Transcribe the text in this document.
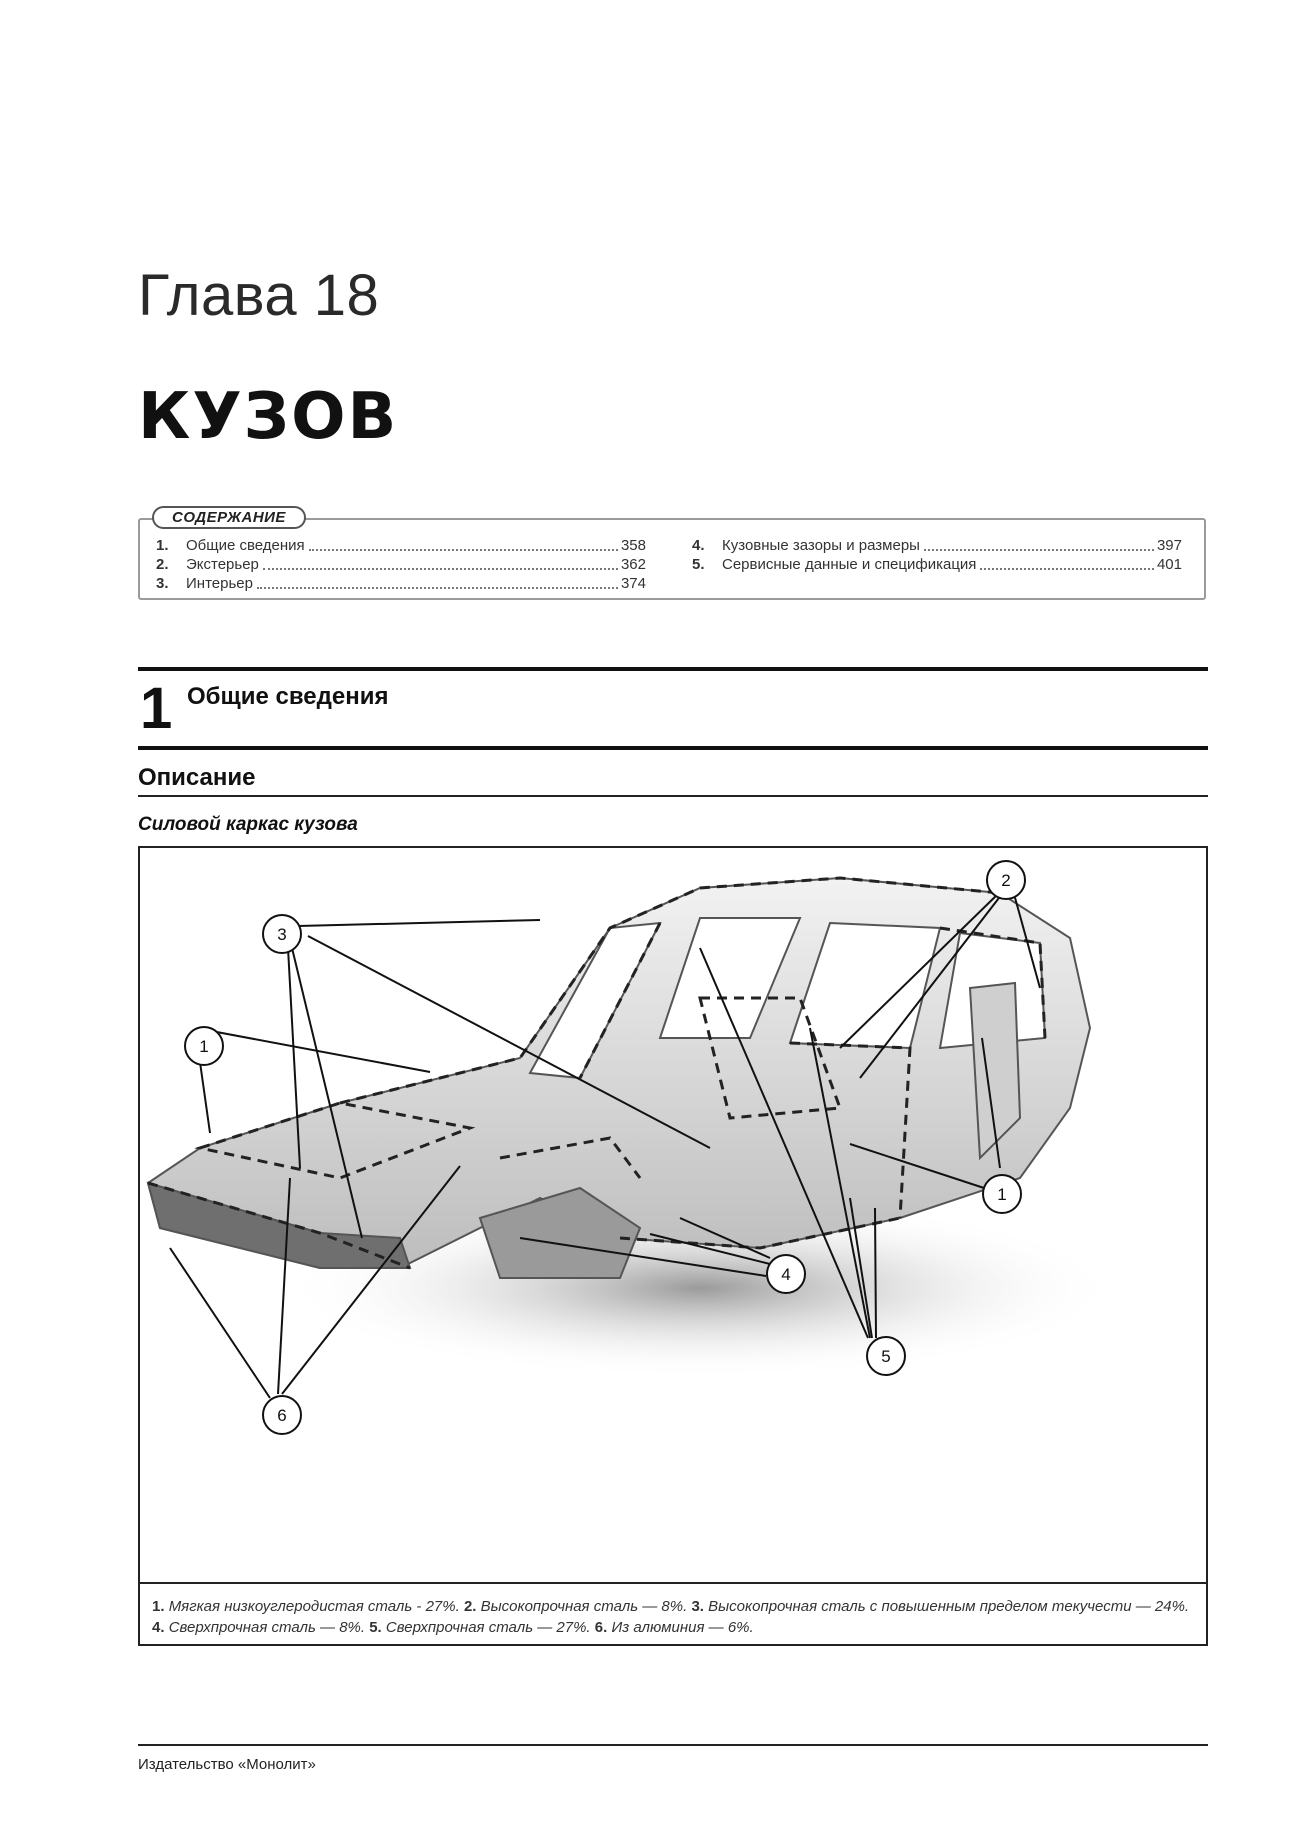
Глава 18
КУЗОВ
СОДЕРЖАНИЕ
1.	Общие сведения	358
2.	Экстерьер	362
3.	Интерьер	374
4.	Кузовные зазоры и размеры	397
5.	Сервисные данные и спецификация	401
1 Общие сведения
Описание
Силовой каркас кузова
3
1
2
1
4
5
6
1. Мягкая низкоуглеродистая сталь - 27%. 2. Высокопрочная сталь — 8%. 3. Высокопрочная сталь с повышенным пределом текучести — 24%. 4. Сверхпрочная сталь — 8%. 5. Сверхпрочная сталь — 27%. 6. Из алюминия — 6%.
Издательство «Монолит»
